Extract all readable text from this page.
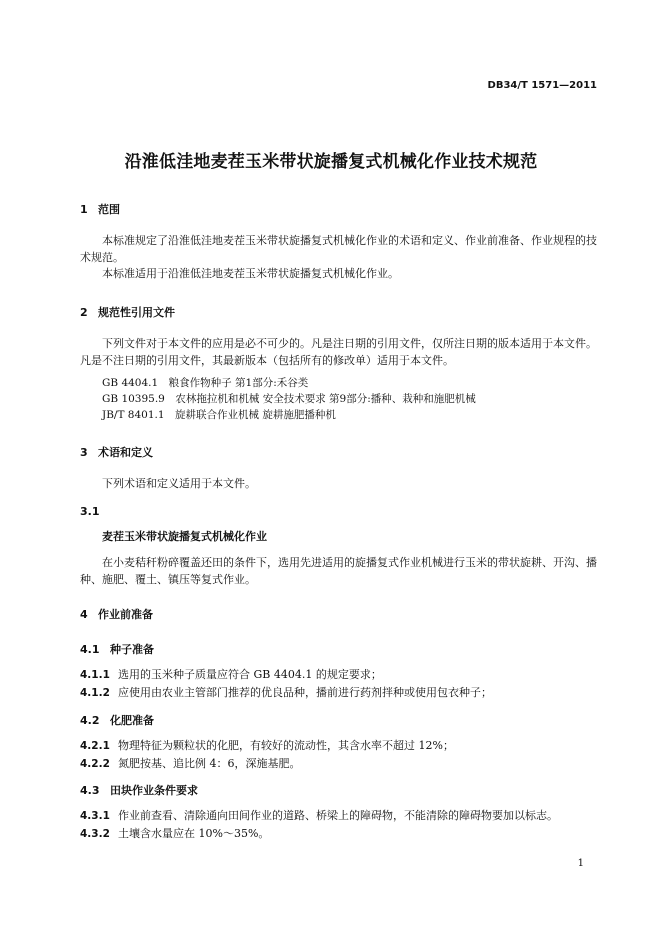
DB34/T 1571—2011
沿淮低洼地麦茬玉米带状旋播复式机械化作业技术规范
1 范围
本标准规定了沿淮低洼地麦茬玉米带状旋播复式机械化作业的术语和定义、作业前准备、作业规程的技术规范。
本标准适用于沿淮低洼地麦茬玉米带状旋播复式机械化作业。
2 规范性引用文件
下列文件对于本文件的应用是必不可少的。凡是注日期的引用文件，仅所注日期的版本适用于本文件。凡是不注日期的引用文件，其最新版本（包括所有的修改单）适用于本文件。
GB 4404.1　粮食作物种子 第1部分:禾谷类
GB 10395.9　农林拖拉机和机械 安全技术要求 第9部分:播种、栽种和施肥机械
JB/T 8401.1　旋耕联合作业机械 旋耕施肥播种机
3 术语和定义
下列术语和定义适用于本文件。
3.1
麦茬玉米带状旋播复式机械化作业
在小麦秸秆粉碎覆盖还田的条件下，选用先进适用的旋播复式作业机械进行玉米的带状旋耕、开沟、播种、施肥、覆土、镇压等复式作业。
4 作业前准备
4.1 种子准备
4.1.1 选用的玉米种子质量应符合 GB 4404.1 的规定要求；
4.1.2 应使用由农业主管部门推荐的优良品种，播前进行药剂拌种或使用包衣种子；
4.2 化肥准备
4.2.1 物理特征为颗粒状的化肥，有较好的流动性，其含水率不超过 12%；
4.2.2 氮肥按基、追比例 4：6，深施基肥。
4.3 田块作业条件要求
4.3.1 作业前查看、清除通向田间作业的道路、桥梁上的障碍物，不能清除的障碍物要加以标志。
4.3.2 土壤含水量应在 10%～35%。
1
